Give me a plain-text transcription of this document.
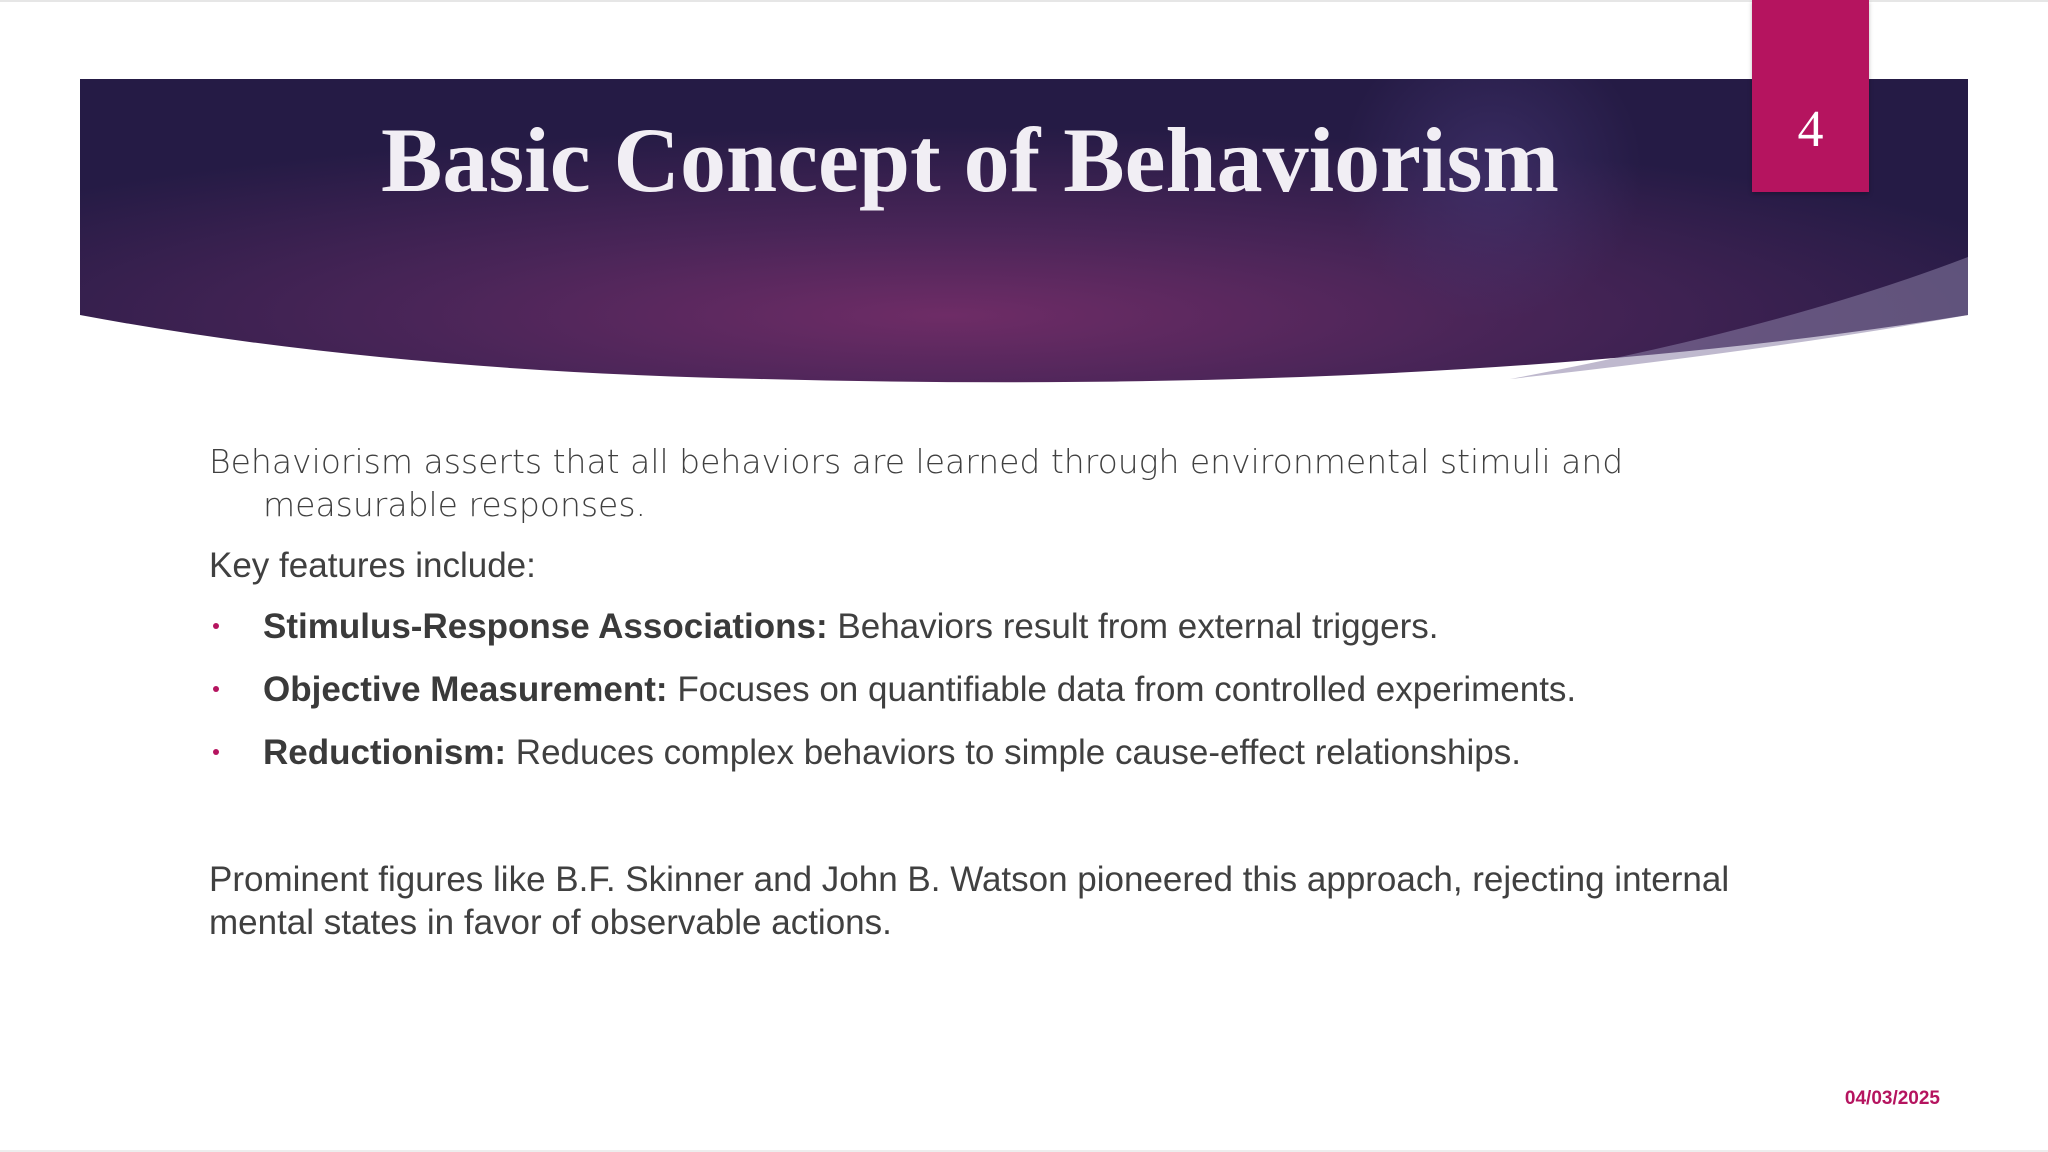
Basic Concept of Behaviorism	4

Behaviorism asserts that all behaviors are learned through environmental stimuli and measurable responses.

Key features include:

Stimulus-Response Associations: Behaviors result from external triggers.
Objective Measurement: Focuses on quantifiable data from controlled experiments.
Reductionism: Reduces complex behaviors to simple cause-effect relationships.

Prominent figures like B.F. Skinner and John B. Watson pioneered this approach, rejecting internal mental states in favor of observable actions.

04/03/2025
